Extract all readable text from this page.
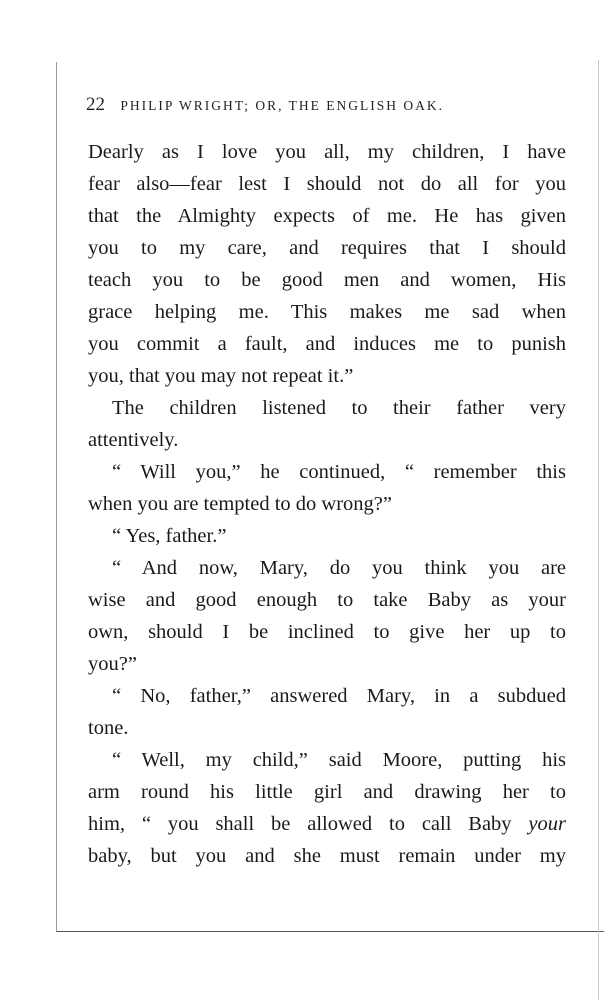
22 PHILIP WRIGHT; OR, THE ENGLISH OAK.
Dearly as I love you all, my children, I have
fear also—fear lest I should not do all for you
that the Almighty expects of me. He has given
you to my care, and requires that I should
teach you to be good men and women, His
grace helping me. This makes me sad when
you commit a fault, and induces me to punish
you, that you may not repeat it.”
The children listened to their father very
attentively.
“ Will you,” he continued, “ remember this
when you are tempted to do wrong?”
“ Yes, father.”
“ And now, Mary, do you think you are
wise and good enough to take Baby as your
own, should I be inclined to give her up to
you?”
“ No, father,” answered Mary, in a subdued
tone.
“ Well, my child,” said Moore, putting his
arm round his little girl and drawing her to
him, “ you shall be allowed to call Baby your
baby, but you and she must remain under my
